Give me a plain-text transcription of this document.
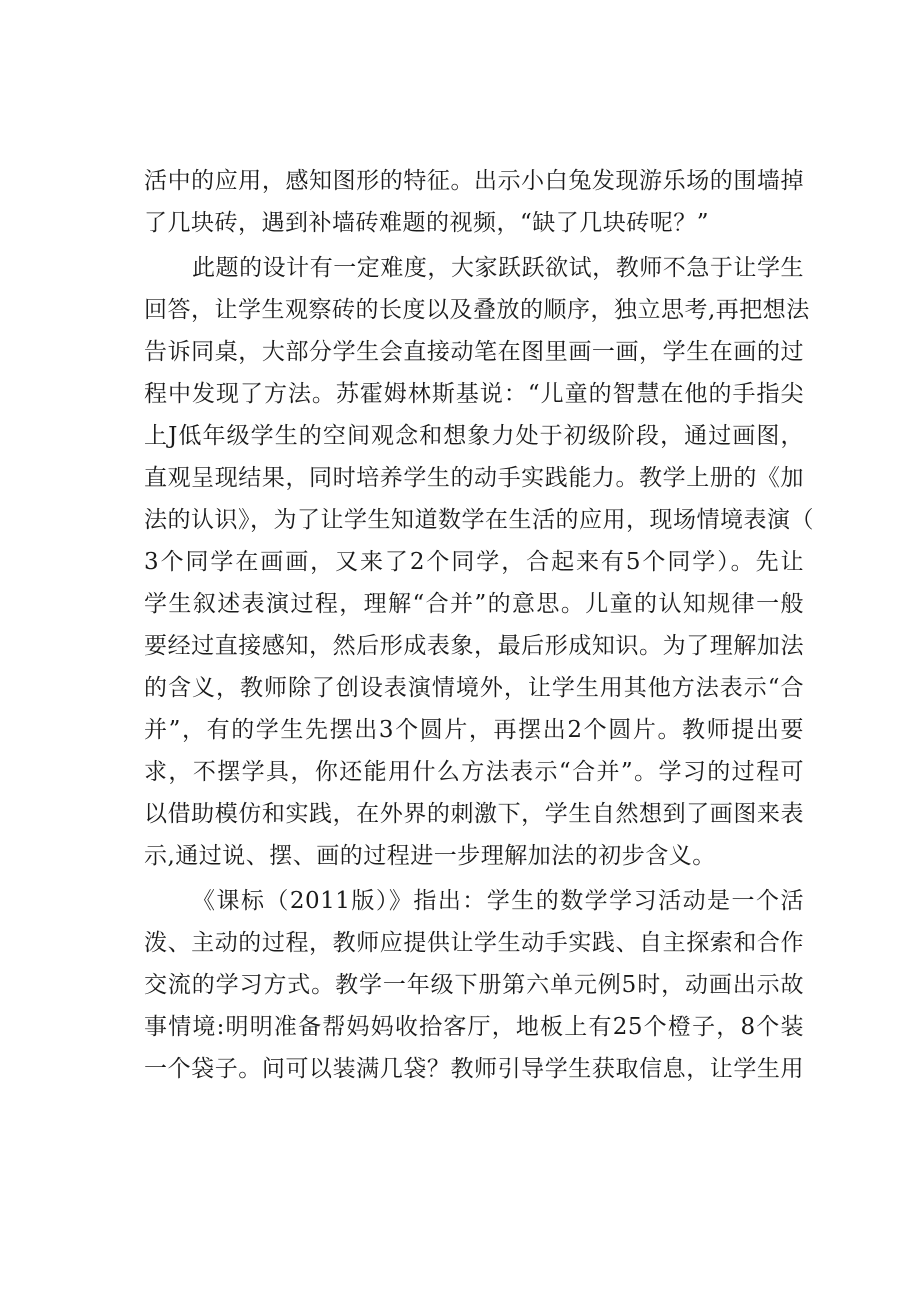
活中的应用，感知图形的特征。出示小白兔发现游乐场的围墙掉
了几块砖，遇到补墙砖难题的视频，“缺了几块砖呢？”
此题的设计有一定难度，大家跃跃欲试，教师不急于让学生
回答，让学生观察砖的长度以及叠放的顺序，独立思考,再把想法
告诉同桌，大部分学生会直接动笔在图里画一画，学生在画的过
程中发现了方法。苏霍姆林斯基说：“儿童的智慧在他的手指尖
上J低年级学生的空间观念和想象力处于初级阶段，通过画图，
直观呈现结果，同时培养学生的动手实践能力。教学上册的《加
法的认识》，为了让学生知道数学在生活的应用，现场情境表演（
3个同学在画画，又来了2个同学，合起来有5个同学）。先让
学生叙述表演过程，理解“合并”的意思。儿童的认知规律一般
要经过直接感知，然后形成表象，最后形成知识。为了理解加法
的含义，教师除了创设表演情境外，让学生用其他方法表示“合
并”，有的学生先摆出3个圆片，再摆出2个圆片。教师提出要
求，不摆学具，你还能用什么方法表示“合并”。学习的过程可
以借助模仿和实践，在外界的刺激下，学生自然想到了画图来表
示,通过说、摆、画的过程进一步理解加法的初步含义。
《课标（2011版）》指出：学生的数学学习活动是一个活
泼、主动的过程，教师应提供让学生动手实践、自主探索和合作
交流的学习方式。教学一年级下册第六单元例5时，动画出示故
事情境:明明准备帮妈妈收拾客厅，地板上有25个橙子，8个装
一个袋子。问可以装满几袋？教师引导学生获取信息，让学生用
